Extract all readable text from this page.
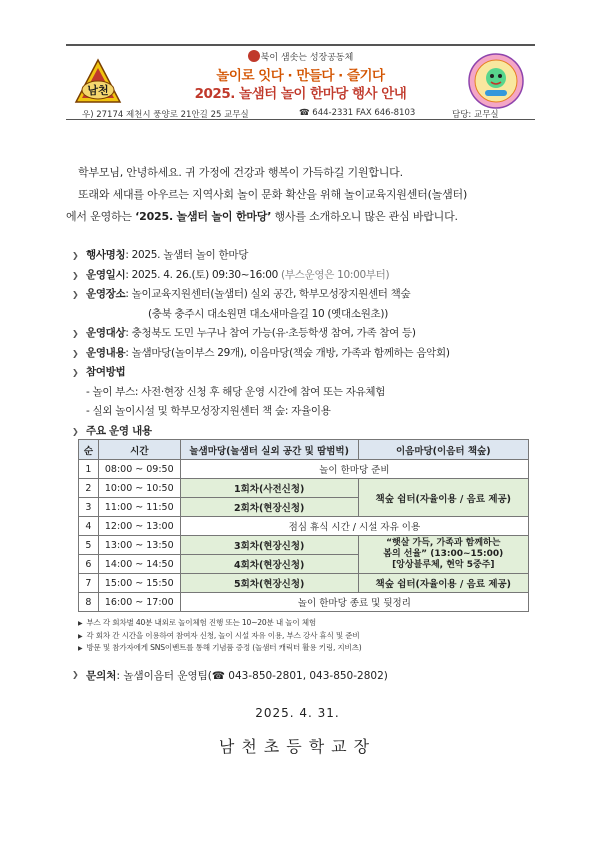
남천
북이 샘솟는 성장공동체
놀이로 잇다 · 만들다 · 즐기다
2025. 놀샘터 놀이 한마당 행사 안내
우) 27174 제천시 풍양로 21안길 25 교무실	☎ 644-2331 FAX 646-8103	담당: 교무실

학부모님, 안녕하세요. 귀 가정에 건강과 행복이 가득하길 기원합니다.

또래와 세대를 아우르는 지역사회 놀이 문화 확산을 위해 놀이교육지원센터(놀샘터)

에서 운영하는 ‘2025. 놀샘터 놀이 한마당’ 행사를 소개하오니 많은 관심 바랍니다.

❯ 행사명칭: 2025. 놀샘터 놀이 한마당
❯ 운영일시: 2025. 4. 26.(토) 09:30~16:00 (부스운영은 10:00부터)
❯ 운영장소: 놀이교육지원센터(놀샘터) 실외 공간, 학부모성장지원센터 책숲
(충북 충주시 대소원면 대소새마을길 10 (옛대소원초))
❯ 운영대상: 충청북도 도민 누구나 참여 가능(유·초등학생 참여, 가족 참여 등)
❯ 운영내용: 놀샘마당(놀이부스 29개), 이음마당(책숲 개방, 가족과 함께하는 음악회)
❯ 참여방법
- 놀이 부스: 사전·현장 신청 후 해당 운영 시간에 참여 또는 자유체험
- 실외 놀이시설 및 학부모성장지원센터 책 숲: 자율이용
❯ 주요 운영 내용
순	시간	놀샘마당(놀샘터 실외 공간 및 땀범벅)	이음마당(이음터 책숲)
1	08:00 ~ 09:50	놀이 한마당 준비	
2	10:00 ~ 10:50	1회차(사전신청)	책숲 쉼터(자율이용 / 음료 제공)
3	11:00 ~ 11:50	2회차(현장신청)	
4	12:00 ~ 13:00	점심 휴식 시간 / 시설 자유 이용	
5	13:00 ~ 13:50	3회차(현장신청)	“햇살 가득, 가족과 함께하는
봄의 선율” (13:00~15:00)
[앙상블루체, 현악 5중주]

6	14:00 ~ 14:50	4회차(현장신청)	
7	15:00 ~ 15:50	5회차(현장신청)	책숲 쉼터(자율이용 / 음료 제공)
8	16:00 ~ 17:00	놀이 한마당 종료 및 뒷정리	
▶ 부스 각 회차별 40분 내외로 놀이체험 진행 또는 10~20분 내 놀이 체험
▶ 각 회차 간 시간을 이용하여 참여자 신청, 놀이 시설 자유 이용, 부스 강사 휴식 및 준비
▶ 방문 및 참가자에게 SNS이벤트를 통해 기념품 증정 (놀샘터 캐릭터 활용 키링, 지비츠)
❯ 문의처: 놀샘이음터 운영팀(☎ 043-850-2801, 043-850-2802)
2025. 4. 31.
남천초등학교장
